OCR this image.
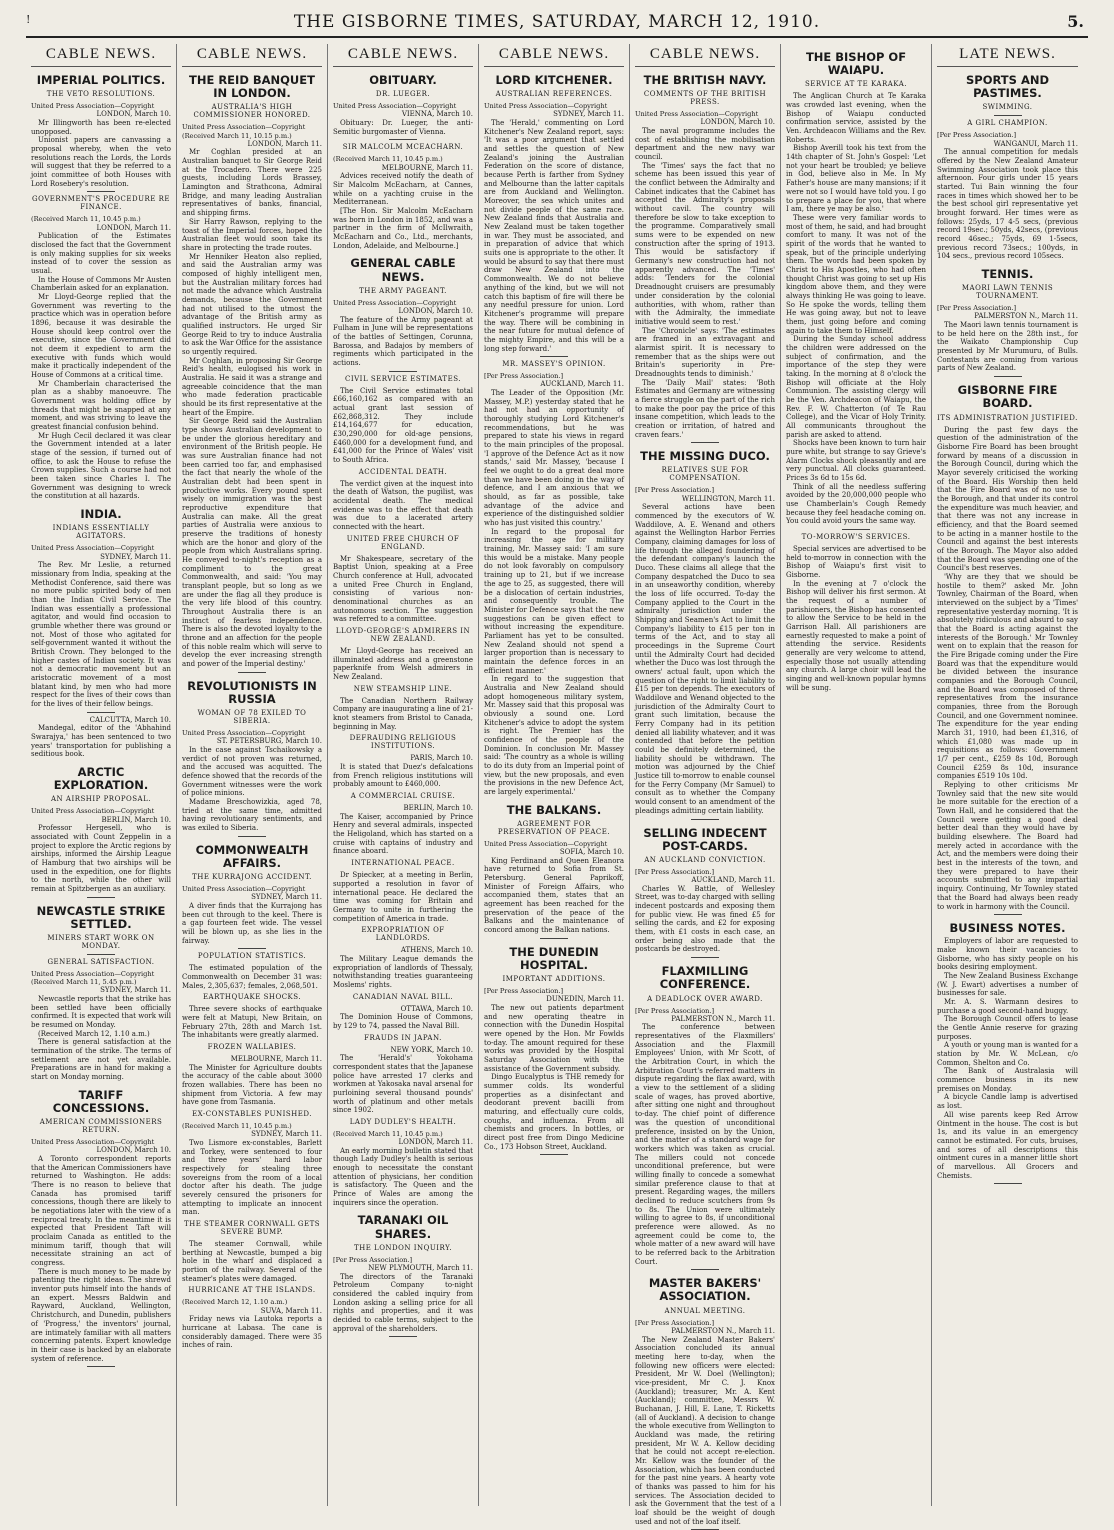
!	THE GISBORNE TIMES, SATURDAY, MARCH 12, 1910.	5.
CABLE NEWS.
IMPERIAL POLITICS.
THE VETO RESOLUTIONS.
United Press Association—Copyright
LONDON, March 10.

Mr Illingworth has been re-elected unopposed.

Unionist papers are canvassing a proposal whereby, when the veto resolutions reach the Lords, the Lords will suggest that they be referred to a joint committee of both Houses with Lord Rosebery's resolution.

GOVERNMENT'S PROCEDURE RE FINANCE.
(Received March 11, 10.45 p.m.)
LONDON, March 11.

Publication of the Estimates disclosed the fact that the Government is only making supplies for six weeks instead of to cover the session as usual.

In the House of Commons Mr Austen Chamberlain asked for an explanation.

Mr Lloyd-George replied that the Government was reverting to the practice which was in operation before 1896, because it was desirable the House should keep control over the executive, since the Government did not deem it expedient to arm the executive with funds which would make it practically independent of the House of Commons at a critical time.

Mr Chamberlain characterised the plan as a shabby manoeuvre. The Government was holding office by threads that might be snapped at any moment, and was striving to leave the greatest financial confusion behind.

Mr Hugh Cecil declared it was clear the Government intended at a later stage of the session, if turned out of office, to ask the House to refuse the Crown supplies. Such a course had not been taken since Charles I. The Government was designing to wreck the constitution at all hazards.

INDIA.
INDIANS ESSENTIALLY AGITATORS.
United Press Association—Copyright
SYDNEY, March 11.

The Rev. Mr Leslie, a returned missionary from India, speaking at the Methodist Conference, said there was no more public spirited body of men than the Indian Civil Service. The Indian was essentially a professional agitator, and would find occasion to grumble whether there was ground or not. Most of those who agitated for self-government wanted it without the British Crown. They belonged to the higher castes of Indian society. It was not a democratic movement but an aristocratic movement of a most blatant kind, by men who had more respect for the lives of their cows than for the lives of their fellow beings.

CALCUTTA, March 10.

Mandegal, editor of the 'Abhahind Swarajya,' has been sentenced to two years' transportation for publishing a seditious book.

ARCTIC EXPLORATION.
AN AIRSHIP PROPOSAL.
United Press Association—Copyright
BERLIN, March 10.

Professor Hergesell, who is associated with Count Zeppelin in a project to explore the Arctic regions by airships, informed the Airship League of Hamburg that two airships will be used in the expedition, one for flights to the north, while the other will remain at Spitzbergen as an auxiliary.

NEWCASTLE STRIKE SETTLED.
MINERS START WORK ON MONDAY.
GENERAL SATISFACTION.
United Press Association—Copyright (Received March 11, 5.45 p.m.)
SYDNEY, March 11.

Newcastle reports that the strike has been settled have been officially confirmed. It is expected that work will be resumed on Monday.

(Received March 12, 1.10 a.m.)

There is general satisfaction at the termination of the strike. The terms of settlement are not yet available. Preparations are in hand for making a start on Monday morning.

TARIFF CONCESSIONS.
AMERICAN COMMISSIONERS RETURN.
United Press Association—Copyright
LONDON, March 10.

A Toronto correspondent reports that the American Commissioners have returned to Washington. He adds: 'There is no reason to believe that Canada has promised tariff concessions, though there are likely to be negotiations later with the view of a reciprocal treaty. In the meantime it is expected that President Taft will proclaim Canada as entitled to the minimum tariff, though that will necessitate straining an act of congress.

There is much money to be made by patenting the right ideas. The shrewd inventor puts himself into the hands of an expert. Messrs Baldwin and Rayward, Auckland, Wellington, Christchurch, and Dunedin, publishers of 'Progress,' the inventors' journal, are intimately familiar with all matters concerning patents. Expert knowledge in their case is backed by an elaborate system of reference.

CABLE NEWS.
THE REID BANQUET IN LONDON.
AUSTRALIA'S HIGH COMMISSIONER HONORED.
United Press Association—Copyright (Received March 11, 10.15 p.m.)
LONDON, March 11.

Mr Coghlan presided at an Australian banquet to Sir George Reid at the Trocadero. There were 225 guests, including Lords Brassey, Lamington and Strathcona, Admiral Bridge, and many leading Australian representatives of banks, financial, and shipping firms.

Sir Harry Rawson, replying to the toast of the Imperial forces, hoped the Australian fleet would soon take its share in protecting the trade routes.

Mr Henniker Heaton also replied, and said the Australian army was composed of highly intelligent men, but the Australian military forces had not made the advance which Australia demands, because the Government had not utilised to the utmost the advantage of the British army as qualified instructors. He urged Sir George Reid to try to induce Australia to ask the War Office for the assistance so urgently required.

Mr Coghlan, in proposing Sir George Reid's health, eulogised his work in Australia. He said it was a strange and agreeable coincidence that the man who made federation practicable should be its first representative at the heart of the Empire.

Sir George Reid said the Australian type shows Australian development to be under the glorious hereditary and environment of the British people. He was sure Australian finance had not been carried too far, and emphasised the fact that nearly the whole of the Australian debt had been spent in productive works. Every pound spent wisely on immigration was the best reproductive expenditure that Australia can make. All the great parties of Australia were anxious to preserve the traditions of honesty which are the honor and glory of the people from which Australians spring. He conveyed to-night's reception as a compliment to the great Commonwealth, and said: 'You may transplant people, but so long as we are under the flag all they produce is the very life blood of this country. Throughout Australia there is an instinct of fearless independence. There is also the devoted loyalty to the throne and an affection for the people of this noble realm which will serve to develop the ever increasing strength and power of the Imperial destiny.'

REVOLUTIONISTS IN RUSSIA
WOMAN OF 78 EXILED TO SIBERIA.
United Press Association—Copyright
ST. PETERSBURG, March 10.

In the case against Tschaikowsky a verdict of not proven was returned, and the accused was acquitted. The defence showed that the records of the Government witnesses were the work of police minions.

Madame Breschowizkia, aged 78, tried at the same time, admitted having revolutionary sentiments, and was exiled to Siberia.

COMMONWEALTH AFFAIRS.
THE KURRAJONG ACCIDENT.
United Press Association—Copyright
SYDNEY, March 11.

A diver finds that the Kurrajong has been cut through to the keel. There is a gap fourteen feet wide. The vessel will be blown up, as she lies in the fairway.

POPULATION STATISTICS.

The estimated population of the Commonwealth on December 31 was: Males, 2,305,637; females, 2,068,501.

EARTHQUAKE SHOCKS.

Three severe shocks of earthquake were felt at Matupi, New Britain, on February 27th, 28th and March 1st. The inhabitants were greatly alarmed.

FROZEN WALLABIES.
MELBOURNE, March 11.

The Minister for Agriculture doubts the accuracy of the cable about 3000 frozen wallabies. There has been no shipment from Victoria. A few may have gone from Tasmania.

EX-CONSTABLES PUNISHED.
(Received March 11, 10.45 p.m.)
SYDNEY, March 11.

Two Lismore ex-constables, Barlett and Torkey, were sentenced to four and three years' hard labor respectively for stealing three sovereigns from the room of a local doctor after his death. The judge severely censured the prisoners for attempting to implicate an innocent man.

THE STEAMER CORNWALL GETS SEVERE BUMP.

The steamer Cornwall, while berthing at Newcastle, bumped a big hole in the wharf and displaced a portion of the railway. Several of the steamer's plates were damaged.

HURRICANE AT THE ISLANDS.
(Received March 12, 1.10 a.m.)
SUVA, March 11.

Friday news via Lautoka reports a hurricane at Labasa. The cane is considerably damaged. There were 35 inches of rain.

CABLE NEWS.
OBITUARY.
DR. LUEGER.
United Press Association—Copyright
VIENNA, March 10.

Obituary: Dr. Lueger, the anti-Semitic burgomaster of Vienna.

SIR MALCOLM MCEACHARN.
(Received March 11, 10.45 p.m.)
MELBOURNE, March 11.

Advices received notify the death of Sir Malcolm McEacharn, at Cannes, while on a yachting cruise in the Mediterranean.

[The Hon. Sir Malcolm McEacharn was born in London in 1852, and was a partner in the firm of McIlwraith, McEacharn and Co., Ltd., merchants, London, Adelaide, and Melbourne.]

GENERAL CABLE NEWS.
THE ARMY PAGEANT.
United Press Association—Copyright
LONDON, March 10.

The feature of the Army pageant at Fulham in June will be representations of the battles of Settingen, Corunna, Barossa, and Badajos by members of regiments which participated in the actions.

CIVIL SERVICE ESTIMATES.

The Civil Service estimates total £66,160,162 as compared with an actual grant last session of £62,868,312. They include £14,164,677 for education, £30,290,000 for old-age pensions, £460,000 for a development fund, and £41,000 for the Prince of Wales' visit to South Africa.

ACCIDENTAL DEATH.

The verdict given at the inquest into the death of Watson, the pugilist, was accidental death. The medical evidence was to the effect that death was due to a lacerated artery connected with the heart.

UNITED FREE CHURCH OF ENGLAND.

Mr Shakespeare, secretary of the Baptist Union, speaking at a Free Church conference at Hull, advocated a united Free Church in England, consisting of various non-denominational churches as an autonomous section. The suggestion was referred to a committee.

LLOYD-GEORGE'S ADMIRERS IN NEW ZEALAND.

Mr Lloyd-George has received an illuminated address and a greenstone paperknife from Welsh admirers in New Zealand.

NEW STEAMSHIP LINE.

The Canadian Northern Railway Company are inaugurating a line of 21-knot steamers from Bristol to Canada, beginning in May.

DEFRAUDING RELIGIOUS INSTITUTIONS.
PARIS, March 10.

It is stated that Duez's defalcations from French religious institutions will probably amount to £460,000.

A COMMERCIAL CRUISE.
BERLIN, March 10.

The Kaiser, accompanied by Prince Henry and several admirals, inspected the Heligoland, which has started on a cruise with captains of industry and finance aboard.

INTERNATIONAL PEACE.

Dr Spiecker, at a meeting in Berlin, supported a resolution in favor of international peace. He declared the time was coming for Britain and Germany to unite in furthering the competition of America in trade.

EXPROPRIATION OF LANDLORDS.
ATHENS, March 10.

The Military League demands the expropriation of landlords of Thessaly, notwithstanding treaties guaranteeing Moslems' rights.

CANADIAN NAVAL BILL.
OTTAWA, March 10.

The Dominion House of Commons, by 129 to 74, passed the Naval Bill.

FRAUDS IN JAPAN.
NEW YORK, March 10.

The 'Herald's' Yokohama correspondent states that the Japanese police have arrested 17 clerks and workmen at Yakosaka naval arsenal for purloining several thousand pounds' worth of platinum and other metals since 1902.

LADY DUDLEY'S HEALTH.
(Received March 11, 10.45 p.m.)
LONDON, March 11.

An early morning bulletin stated that though Lady Dudley's health is serious enough to necessitate the constant attention of physicians, her condition is satisfactory. The Queen and the Prince of Wales are among the inquirers since the operation.

TARANAKI OIL SHARES.
THE LONDON INQUIRY.
[Per Press Association.]
NEW PLYMOUTH, March 11.

The directors of the Taranaki Petroleum Company to-night considered the cabled inquiry from London asking a selling price for all rights and properties, and it was decided to cable terms, subject to the approval of the shareholders.

CABLE NEWS.
LORD KITCHENER.
AUSTRALIAN REFERENCES.
United Press Association—Copyright
SYDNEY, March 11.

The 'Herald,' commenting on Lord Kitchener's New Zealand report, says: 'It was a poor argument that settled and settles the question of New Zealand's joining the Australian Federation on the score of distance, because Perth is farther from Sydney and Melbourne than the latter capitals are from Auckland and Wellington. Moreover, the sea which unites and not divide people of the same race. New Zealand finds that Australia and New Zealand must be taken together in war. They must be associated, and in preparation of advice that which suits one is appropriate to the other. It would be absurd to say that there must draw New Zealand into the Commonwealth. We do not believe anything of the kind, but we will not catch this baptism of fire will there be any needful pressure for union. Lord Kitchener's programme will prepare the way. There will be combining in the near future for mutual defence of the mighty Empire, and this will be a long step forward.'

MR. MASSEY'S OPINION.
[Per Press Association.]
AUCKLAND, March 11.

The Leader of the Opposition (Mr. Massey, M.P.) yesterday stated that he had not had an opportunity of thoroughly studying Lord Kitchener's recommendations, but he was prepared to state his views in regard to the main principles of the proposal. 'I approve of the Defence Act as it now stands,' said Mr. Massey, 'because I feel we ought to do a great deal more than we have been doing in the way of defence, and I am anxious that we should, as far as possible, take advantage of the advice and experience of the distinguished soldier who has just visited this country.'

In regard to the proposal for increasing the age for military training, Mr. Massey said: 'I am sure this would be a mistake. Many people do not look favorably on compulsory training up to 21, but if we increase the age to 25, as suggested, there will be a dislocation of certain industries, and consequently trouble. The Minister for Defence says that the new suggestions can be given effect to without increasing the expenditure. Parliament has yet to be consulted. New Zealand should not spend a larger proportion than is necessary to maintain the defence forces in an efficient manner.'

In regard to the suggestion that Australia and New Zealand should adopt homogeneous military system, Mr. Massey said that this proposal was obviously a sound one. Lord Kitchener's advice to adopt the system is right. The Premier has the confidence of the people of the Dominion. In conclusion Mr. Massey said: 'The country as a whole is willing to do its duty from an Imperial point of view, but the new proposals, and even the provisions in the new Defence Act, are largely experimental.'

THE BALKANS.
AGREEMENT FOR PRESERVATION OF PEACE.
United Press Association—Copyright
SOFIA, March 10.

King Ferdinand and Queen Eleanora have returned to Sofia from St. Petersburg. General Paprikoff, Minister of Foreign Affairs, who accompanied them, states that an agreement has been reached for the preservation of the peace of the Balkans and the maintenance of concord among the Balkan nations.

THE DUNEDIN HOSPITAL.
IMPORTANT ADDITIONS.
[Per Press Association.]
DUNEDIN, March 11.

The new out patients department and new operating theatre in connection with the Dunedin Hospital were opened by the Hon. Mr Fowlds to-day. The amount required for these works was provided by the Hospital Saturday Association with the assistance of the Government subsidy.

Dingo Eucalyptus is THE remedy for summer colds. Its wonderful properties as a disinfectant and deodorant prevent bacilli from maturing, and effectually cure colds, coughs, and influenza. From all chemists and grocers. In bottles, or direct post free from Dingo Medicine Co., 173 Hobson Street, Auckland.

CABLE NEWS.
THE BRITISH NAVY.
COMMENTS OF THE BRITISH PRESS.
United Press Association—Copyright
LONDON, March 10.

The naval programme includes the cost of establishing the mobilisation department and the new navy war council.

The 'Times' says the fact that no scheme has been issued this year of the conflict between the Admiralty and Cabinet indicates that the Cabinet has accepted the Admiralty's proposals without cavil. The country will therefore be slow to take exception to the programme. Comparatively small sums were to be expended on new construction after the spring of 1913. This would be satisfactory if Germany's new construction had not apparently advanced. The 'Times' adds: 'Tenders for the colonial Dreadnought cruisers are presumably under consideration by the colonial authorities, with whom, rather than with the Admiralty, the immediate initiative would seem to rest.'

The 'Chronicle' says: 'The estimates are framed in an extravagant and alarmist spirit. It is necessary to remember that as the ships were out Britain's superiority in Pre-Dreadnoughts tends to diminish.'

The 'Daily Mail' states: 'Both Estimates and Germany are witnessing a fierce struggle on the part of the rich to make the poor pay the price of this insane competition, which leads to the creation or irritation, of hatred and craven fears.'

THE MISSING DUCO.
RELATIVES SUE FOR COMPENSATION.
[Per Press Association.]
WELLINGTON, March 11.

Several actions have been commenced by the executors of W. Waddilove, A. E. Wenand and others against the Wellington Harbor Ferries Company, claiming damages for loss of life through the alleged foundering of the defendant company's launch the Duco. These claims all allege that the Company despatched the Duco to sea in an unseaworthy condition, whereby the loss of life occurred. To-day the Company applied to the Court in the admiralty jurisdiction under the Shipping and Seamen's Act to limit the Company's liability to £15 per ton in terms of the Act, and to stay all proceedings in the Supreme Court until the Admiralty Court had decided whether the Duco was lost through the owners' actual fault, upon which the question of the right to limit liability to £15 per ton depends. The executors of Waddilove and Wenand objected to the jurisdiction of the Admiralty Court to grant such limitation, because the Ferry Company had in its petition denied all liability whatever, and it was contended that before the petition could be definitely determined, the liability should be withdrawn. The motion was adjourned by the Chief Justice till to-morrow to enable counsel for the Ferry Company (Mr Samuel) to consult as to whether the Company would consent to an amendment of the pleadings admitting certain liability.

SELLING INDECENT POST-CARDS.
AN AUCKLAND CONVICTION.
[Per Press Association.]
AUCKLAND, March 11.

Charles W. Battle, of Wellesley Street, was to-day charged with selling indecent postcards and exposing them for public view. He was fined £5 for selling the cards, and £2 for exposing them, with £1 costs in each case, an order being also made that the postcards be destroyed.

FLAXMILLING CONFERENCE.
A DEADLOCK OVER AWARD.
[Per Press Association.]
PALMERSTON N., March 11.

The conference between representatives of the Flaxmillers' Association and the Flaxmill Employees' Union, with Mr Scott, of the Arbitration Court, in which the Arbitration Court's referred matters in dispute regarding the flax award, with a view to the settlement of a sliding scale of wages, has proved abortive, after sitting one night and throughout to-day. The chief point of difference was the question of unconditional preference, insisted on by the Union, and the matter of a standard wage for workers which was taken as crucial. The millers could not concede unconditional preference, but were willing finally to concede a somewhat similar preference clause to that at present. Regarding wages, the millers declined to reduce scutchers from 9s to 8s. The Union were ultimately willing to agree to 8s, if unconditional preference were allowed. As no agreement could be come to, the whole matter of a new award will have to be referred back to the Arbitration Court.

MASTER BAKERS' ASSOCIATION.
ANNUAL MEETING.
[Per Press Association.]
PALMERSTON N., March 11.

The New Zealand Master Bakers' Association concluded its annual meeting here to-day, when the following new officers were elected: President, Mr W. Doel (Wellington); vice-president, Mr C. J. Knox (Auckland); treasurer, Mr. A. Kent (Auckland); committee, Messrs W. Buchanan, J. Hill, E. Lane, T. Ricketts (all of Auckland). A decision to change the whole executive from Wellington to Auckland was made, the retiring president, Mr W. A. Kellow deciding that he could not accept re-election. Mr. Kellow was the founder of the Association, which has been conducted for the past nine years. A hearty vote of thanks was passed to him for his services. The Association decided to ask the Government that the test of a loaf should be the weight of dough used and not of the loaf itself.

THE BISHOP OF WAIAPU.
SERVICE AT TE KARAKA.

The Anglican Church at Te Karaka was crowded last evening, when the Bishop of Waiapu conducted confirmation service, assisted by the Ven. Archdeacon Williams and the Rev. Roberts.

Bishop Averill took his text from the 14th chapter of St. John's Gospel: 'Let not your heart be troubled; ye believe in God, believe also in Me. In My Father's house are many mansions; if it were not so I would have told you. I go to prepare a place for you, that where I am, there ye may be also.'

These were very familiar words to most of them, he said, and had brought comfort to many. It was not of the spirit of the words that he wanted to speak, but of the principle underlying them. The words had been spoken by Christ to His Apostles, who had often thought Christ was going to set up His kingdom above them, and they were always thinking He was going to leave. So He spoke the words, telling them He was going away, but not to leave them, just going before and coming again to take them to Himself.

During the Sunday school address the children were addressed on the subject of confirmation, and the importance of the step they were taking. In the morning at 8 o'clock the Bishop will officiate at the Holy Communion. The assisting clergy will be the Ven. Archdeacon of Waiapu, the Rev. F. W. Chatterton (of Te Rau College), and the Vicar of Holy Trinity. All communicants throughout the parish are asked to attend.

Shocks have been known to turn hair pure white, but strange to say Grieve's Alarm Clocks shock pleasantly and are very punctual. All clocks guaranteed. Prices 3s 6d to 15s 6d.

Think of all the needless suffering avoided by the 20,000,000 people who use Chamberlain's Cough Remedy because they feel headache coming on. You could avoid yours the same way.

TO-MORROW'S SERVICES.

Special services are advertised to be held to-morrow in connection with the Bishop of Waiapu's first visit to Gisborne.

In the evening at 7 o'clock the Bishop will deliver his first sermon. At the request of a number of parishioners, the Bishop has consented to allow the Service to be held in the Garrison Hall. All parishioners are earnestly requested to make a point of attending the service. Residents generally are very welcome to attend, especially those not usually attending any church. A large choir will lead the singing and well-known popular hymns will be sung.

LATE NEWS.
SPORTS AND PASTIMES.
SWIMMING.
A GIRL CHAMPION.
[Per Press Association.]
WANGANUI, March 11.

The annual competition for medals offered by the New Zealand Amateur Swimming Association took place this afternoon. Four girls under 15 years started. Tui Bain winning the four races in times which showed her to be the best school girl representative yet brought forward. Her times were as follows: 25yds, 17 4-5 secs, (previous record 19sec.; 50yds, 42secs, (previous record 46sec.; 75yds, 69 1-5secs, previous record 73secs.; 100yds, in 104 secs., previous record 105secs.

TENNIS.
MAORI LAWN TENNIS TOURNAMENT.
[Per Press Association.]
PALMERSTON N., March 11.

The Maori lawn tennis tournament is to be held here on the 28th inst., for the Waikato Championship Cup presented by Mr Murumuru, of Bulls. Contestants are coming from various parts of New Zealand.

GISBORNE FIRE BOARD.
ITS ADMINISTRATION JUSTIFIED.

During the past few days the question of the administration of the Gisborne Fire Board has been brought forward by means of a discussion in the Borough Council, during which the Mayor severely criticised the working of the Board. His Worship then held that the Fire Board was of no use to the Borough, and that under its control the expenditure was much heavier, and that there was not any increase in efficiency, and that the Board seemed to be acting in a manner hostile to the Council and against the best interests of the Borough. The Mayor also added that the Board was spending one of the Council's best reserves.

'Why are they that we should be hostile to them?' asked Mr. John Townley, Chairman of the Board, when interviewed on the subject by a 'Times' representative yesterday morning. 'It is absolutely ridiculous and absurd to say that the Board is acting against the interests of the Borough.' Mr Townley went on to explain that the reason for the Fire Brigade coming under the Fire Board was that the expenditure would be divided between the insurance companies and the Borough Council, and the Board was composed of three representatives from the insurance companies, three from the Borough Council, and one Government nominee. The expenditure for the year ending March 31, 1910, had been £1,316, of which £1,080 was made up in requisitions as follows: Government 1/7 per cent., £259 8s 10d, Borough Council £259 8s 10d, insurance companies £519 10s 10d.

Replying to other criticisms Mr Townley said that the new site would be more suitable for the erection of a Town Hall, and he considered that the Council were getting a good deal better deal than they would have by building elsewhere. The Board had merely acted in accordance with the Act, and the members were doing their best in the interests of the town, and they were prepared to have their accounts submitted to any impartial inquiry. Continuing, Mr Townley stated that the Board had always been ready to work in harmony with the Council.

BUSINESS NOTES.

Employers of labor are requested to make known their vacancies to Gisborne, who has sixty people on his books desiring employment.

The New Zealand Business Exchange (W. J. Ewart) advertises a number of businesses for sale.

Mr. A. S. Warmann desires to purchase a good second-hand buggy.

The Borough Council offers to lease the Gentle Annie reserve for grazing purposes.

A youth or young man is wanted for a station by Mr. W. McLean, c/o Common, Shelton and Co.

The Bank of Australasia will commence business in its new premises on Monday.

A bicycle Candle lamp is advertised as lost.

All wise parents keep Red Arrow Ointment in the house. The cost is but 1s, and its value in an emergency cannot be estimated. For cuts, bruises, and sores of all descriptions this ointment cures in a manner little short of marvellous. All Grocers and Chemists.
